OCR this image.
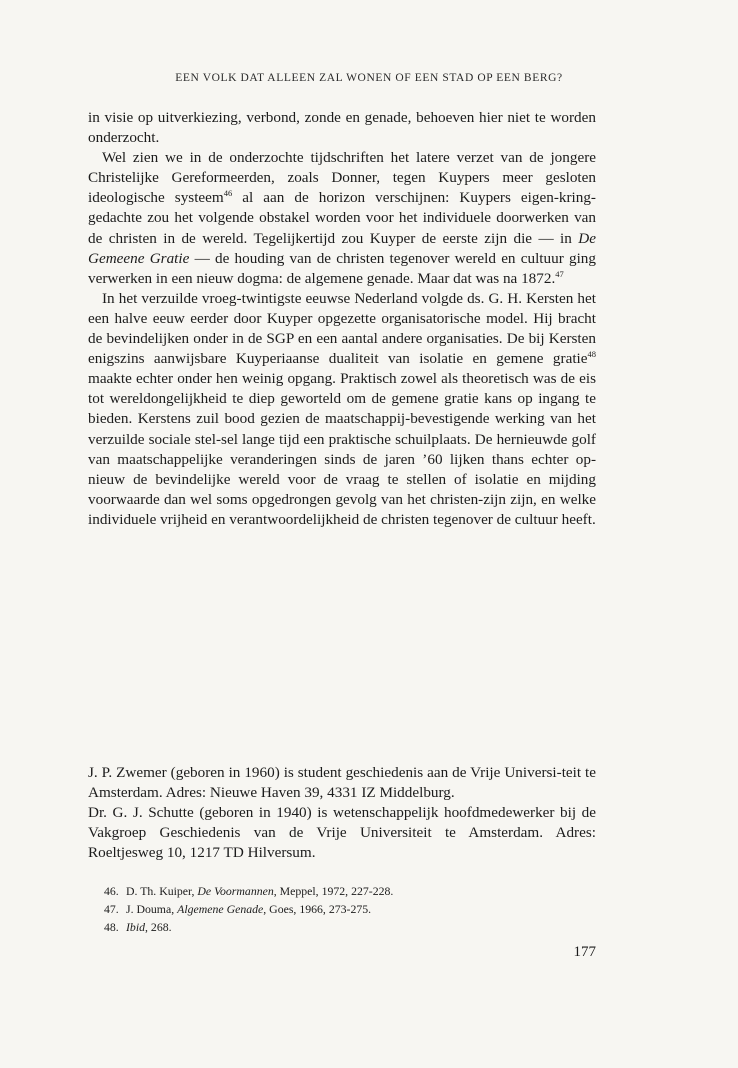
EEN VOLK DAT ALLEEN ZAL WONEN OF EEN STAD OP EEN BERG?

in visie op uitverkiezing, verbond, zonde en genade, behoeven hier niet te worden onderzocht.

Wel zien we in de onderzochte tijdschriften het latere verzet van de jongere Christelijke Gereformeerden, zoals Donner, tegen Kuypers meer gesloten ideologische systeem$^{46}$ al aan de horizon verschijnen: Kuypers eigen-kring-gedachte zou het volgende obstakel worden voor het individuele doorwerken van de christen in de wereld. Tegelijkertijd zou Kuyper de eerste zijn die — in De Gemeene Gratie — de houding van de christen tegenover wereld en cultuur ging verwerken in een nieuw dogma: de algemene genade. Maar dat was na 1872.47

In het verzuilde vroeg-twintigste eeuwse Nederland volgde ds. G. H. Kersten het een halve eeuw eerder door Kuyper opgezette organisatorische model. Hij bracht de bevindelijken onder in de SGP en een aantal andere organisaties. De bij Kersten enigszins aanwijsbare Kuyperiaanse dualiteit van isolatie en gemene gratie$^{48}$ maakte echter onder hen weinig opgang. Praktisch zowel als theoretisch was de eis tot wereldongelijkheid te diep geworteld om de gemene gratie kans op ingang te bieden. Kerstens zuil bood gezien de maatschappij-bevestigende werking van het verzuilde sociale stel-sel lange tijd een praktische schuilplaats. De hernieuwde golf van maatschappelijke veranderingen sinds de jaren ’60 lijken thans echter op-nieuw de bevindelijke wereld voor de vraag te stellen of isolatie en mijding voorwaarde dan wel soms opgedrongen gevolg van het christen-zijn zijn, en welke individuele vrijheid en verantwoordelijkheid de christen tegenover de cultuur heeft.

J. P. Zwemer (geboren in 1960) is student geschiedenis aan de Vrije Universi-teit te Amsterdam. Adres: Nieuwe Haven 39, 4331 IZ Middelburg.

Dr. G. J. Schutte (geboren in 1940) is wetenschappelijk hoofdmedewerker bij de Vakgroep Geschiedenis van de Vrije Universiteit te Amsterdam. Adres: Roeltjesweg 10, 1217 TD Hilversum.

46. D. Th. Kuiper, De Voormannen, Meppel, 1972, 227-228.
47. J. Douma, Algemene Genade, Goes, 1966, 273-275.
48. Ibid, 268.
177
